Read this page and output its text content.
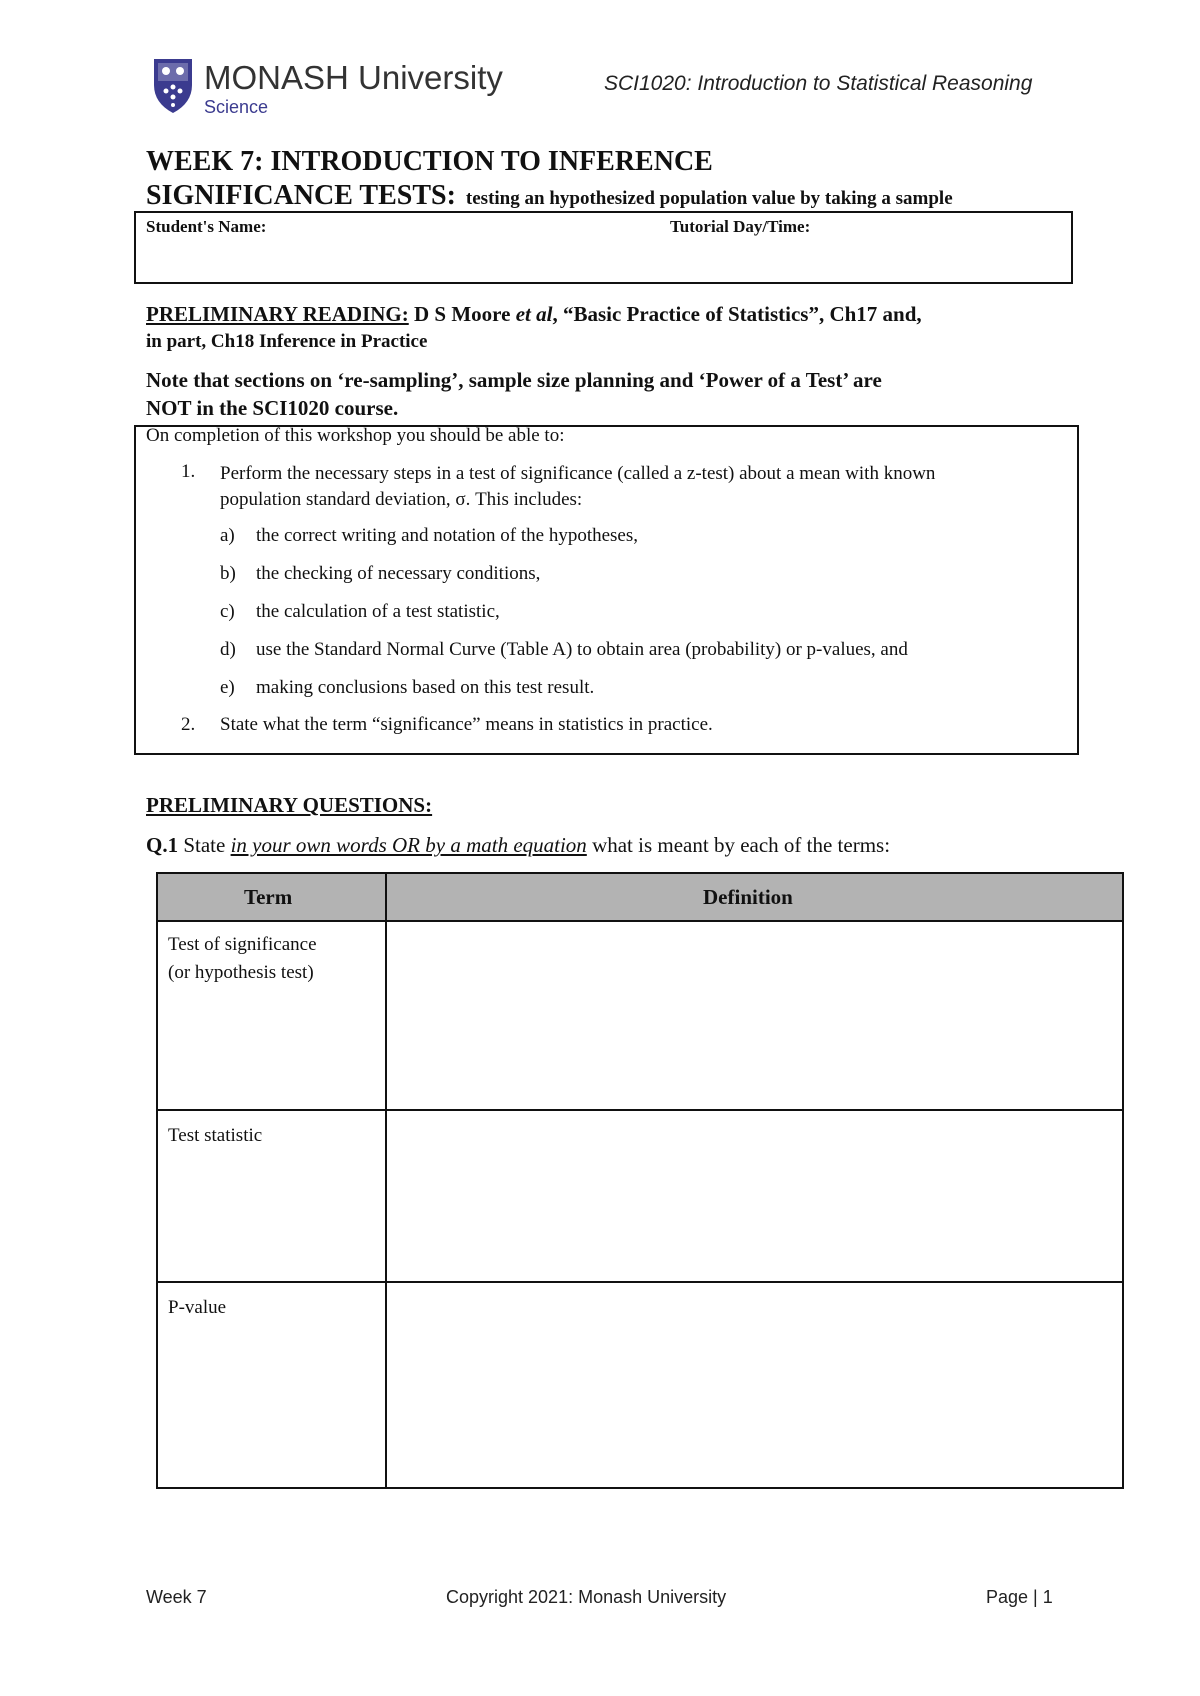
MONASH University
Science
SCI1020: Introduction to Statistical Reasoning
WEEK 7: INTRODUCTION TO INFERENCE
SIGNIFICANCE TESTS: testing an hypothesized population value by taking a sample
Student's Name:	Tutorial Day/Time:
PRELIMINARY READING: D S Moore et al, “Basic Practice of Statistics”, Ch17 and,
in part, Ch18 Inference in Practice
Note that sections on ‘re-sampling’, sample size planning and ‘Power of a Test’ are
NOT in the SCI1020 course.
On completion of this workshop you should be able to:
1. Perform the necessary steps in a test of significance (called a z-test) about a mean with known
population standard deviation, σ. This includes:
a) the correct writing and notation of the hypotheses,
b) the checking of necessary conditions,
c) the calculation of a test statistic,
d) use the Standard Normal Curve (Table A) to obtain area (probability) or p-values, and
e) making conclusions based on this test result.
2. State what the term “significance” means in statistics in practice.
PRELIMINARY QUESTIONS:
Q.1 State in your own words OR by a math equation what is meant by each of the terms:
Term	Definition
Test of significance
(or hypothesis test)
Test statistic
P-value
Week 7	Copyright 2021: Monash University	Page | 1
